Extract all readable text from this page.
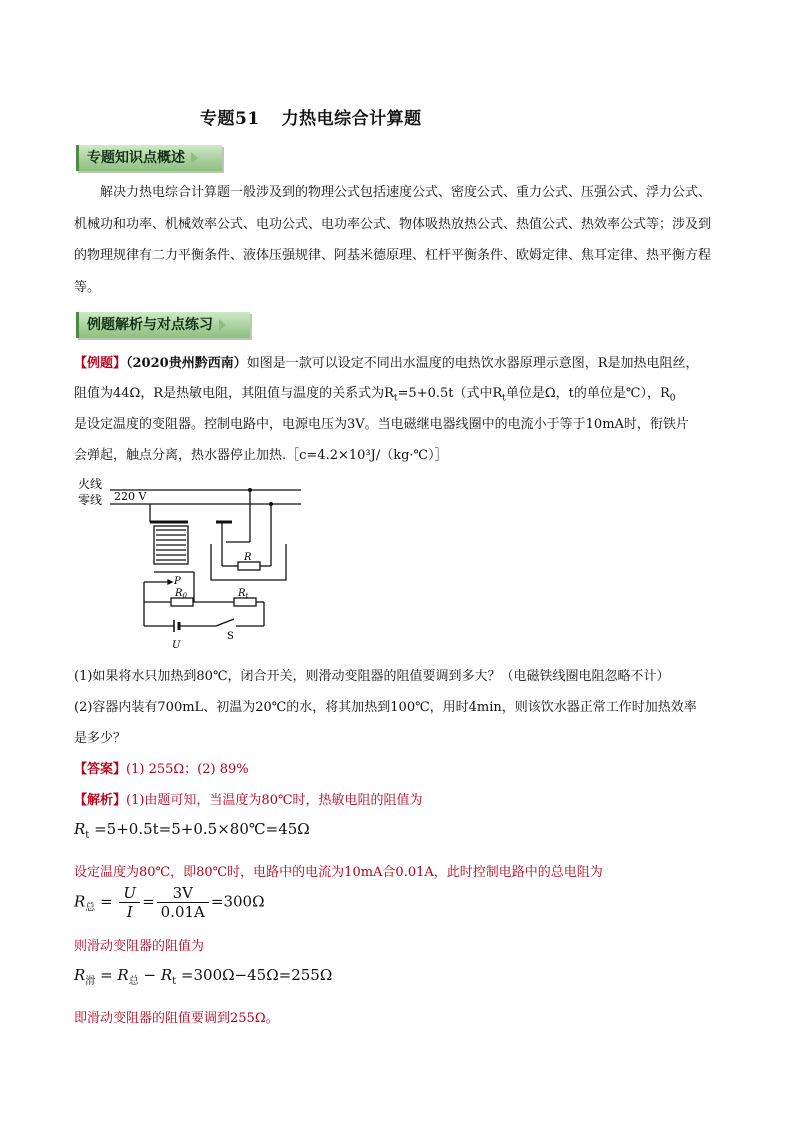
专题51 力热电综合计算题
专题知识点概述
解决力热电综合计算题一般涉及到的物理公式包括速度公式、密度公式、重力公式、压强公式、浮力公式、机械功和功率、机械效率公式、电功公式、电功率公式、物体吸热放热公式、热值公式、热效率公式等；涉及到的物理规律有二力平衡条件、液体压强规律、阿基米德原理、杠杆平衡条件、欧姆定律、焦耳定律、热平衡方程等。
例题解析与对点练习
【例题】（2020贵州黔西南）如图是一款可以设定不同出水温度的电热饮水器原理示意图，R是加热电阻丝，
阻值为44Ω，R是热敏电阻，其阻值与温度的关系式为$R_t=5+0.5t$（式中$R_t$单位是Ω，t的单位是℃），$R_0$
是设定温度的变阻器。控制电路中，电源电压为3V。当电磁继电器线圈中的电流小于等于10mA时，衔铁片
会弹起，触点分离，热水器停止加热.［c=4.2×10³J/（kg·℃）］
火线
零线 220 V
R
P
$R_0$	$R_t$
U
S
(1)如果将水只加热到80℃，闭合开关，则滑动变阻器的阻值要调到多大？（电磁铁线圈电阻忽略不计）
(2)容器内装有700mL、初温为20℃的水，将其加热到100℃，用时4min，则该饮水器正常工作时加热效率
是多少？
【答案】(1) 255Ω；(2) 89%
【解析】(1)由题可知，当温度为80℃时，热敏电阻的阻值为
$R_t$ =5+0.5t=5+0.5×80℃=45Ω
设定温度为80℃，即80℃时，电路中的电流为10mA合0.01A，此时控制电路中的总电阻为
$R_总 = \frac{U}{I} = \frac{3V}{0.01A} =300\Omega$
则滑动变阻器的阻值为
$R_滑 = R_总 - R_t =300\Omega-45\Omega=255\Omega$
即滑动变阻器的阻值要调到255Ω。
